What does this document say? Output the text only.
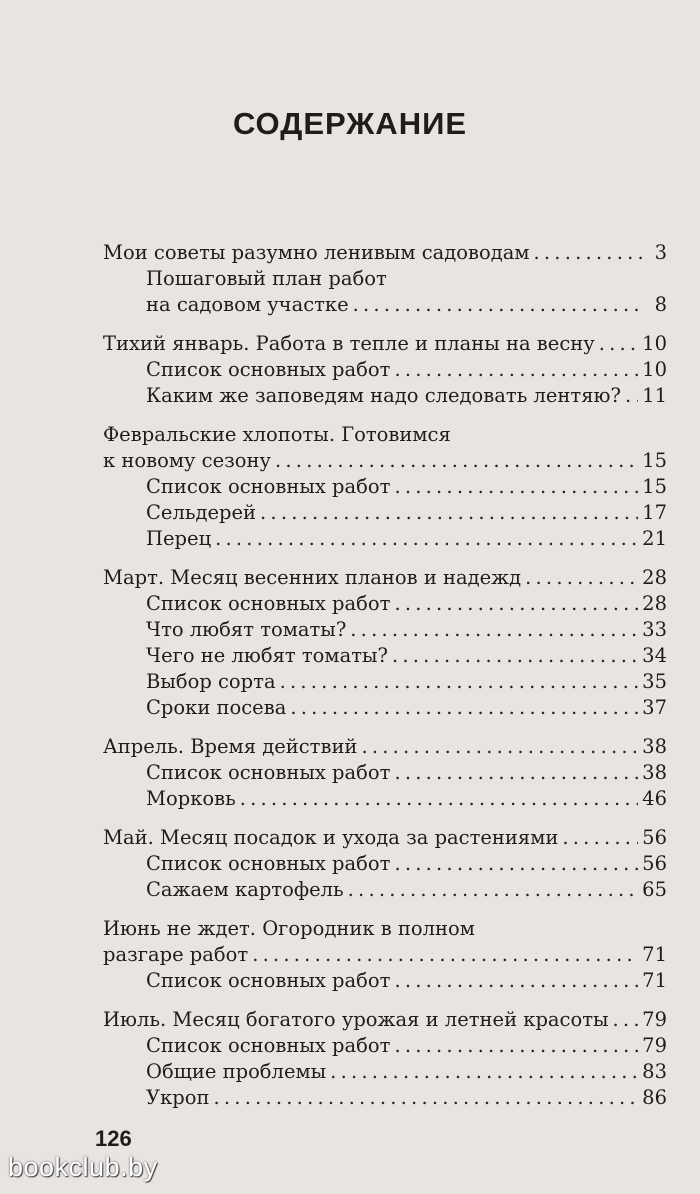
СОДЕРЖАНИЕ
Мои советы разумно ленивым садоводам . . .	3
Пошаговый план работ
на садовом участке . . .	8
Тихий январь. Работа в тепле и планы на весну . . . 10
Список основных работ . . .	10
Каким же заповедям надо следовать лентяю? . . . 11
Февральские хлопоты. Готовимся
к новому сезону . . .	15
Список основных работ . . .	15
Сельдерей . . .	17
Перец . . .	21
Март. Месяц весенних планов и надежд . . .	28
Список основных работ . . .	28
Что любят томаты? . . .	33
Чего не любят томаты? . . .	34
Выбор сорта . . .	35
Сроки посева . . .	37
Апрель. Время действий . . .	38
Список основных работ . . .	38
Морковь . . .	46
Май. Месяц посадок и ухода за растениями . . .	56
Список основных работ . . .	56
Сажаем картофель . . .	65
Июнь не ждет. Огородник в полном
разгаре работ . . .	71
Список основных работ . . .	71
Июль. Месяц богатого урожая и летней красоты . . . 79
Список основных работ . . .	79
Общие проблемы . . .	83
Укроп . . .	86
126
bookclub.by
